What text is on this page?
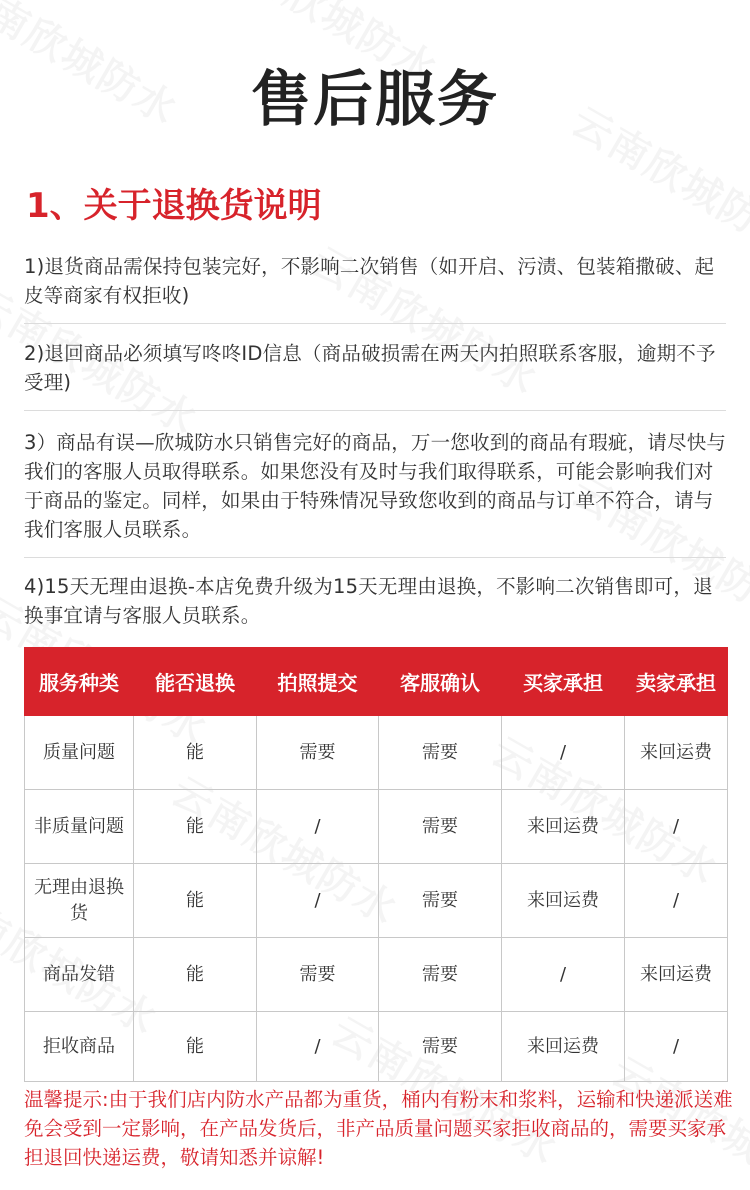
售后服务
1、关于退换货说明

1)退货商品需保持包装完好，不影响二次销售（如开启、污渍、包装箱撒破、起皮等商家有权拒收)

2)退回商品必须填写咚咚ID信息（商品破损需在两天内拍照联系客服，逾期不予受理)

3）商品有误—欣城防水只销售完好的商品，万一您收到的商品有瑕疵，请尽快与我们的客服人员取得联系。如果您没有及时与我们取得联系，可能会影响我们对于商品的鉴定。同样，如果由于特殊情况导致您收到的商品与订单不符合，请与我们客服人员联系。

4)15天无理由退换-本店免费升级为15天无理由退换，不影响二次销售即可，退换事宜请与客服人员联系。

服务种类	能否退换	拍照提交	客服确认	买家承担	卖家承担
质量问题	能	需要	需要	/	来回运费
非质量问题	能	/	需要	来回运费	/
无理由退换货	能	/	需要	来回运费	/
商品发错	能	需要	需要	/	来回运费
拒收商品	能	/	需要	来回运费	/

温馨提示:由于我们店内防水产品都为重货，桶内有粉末和浆料，运输和快递派送难免会受到一定影响，在产品发货后，非产品质量问题买家拒收商品的，需要买家承担退回快递运费，敬请知悉并谅解!
